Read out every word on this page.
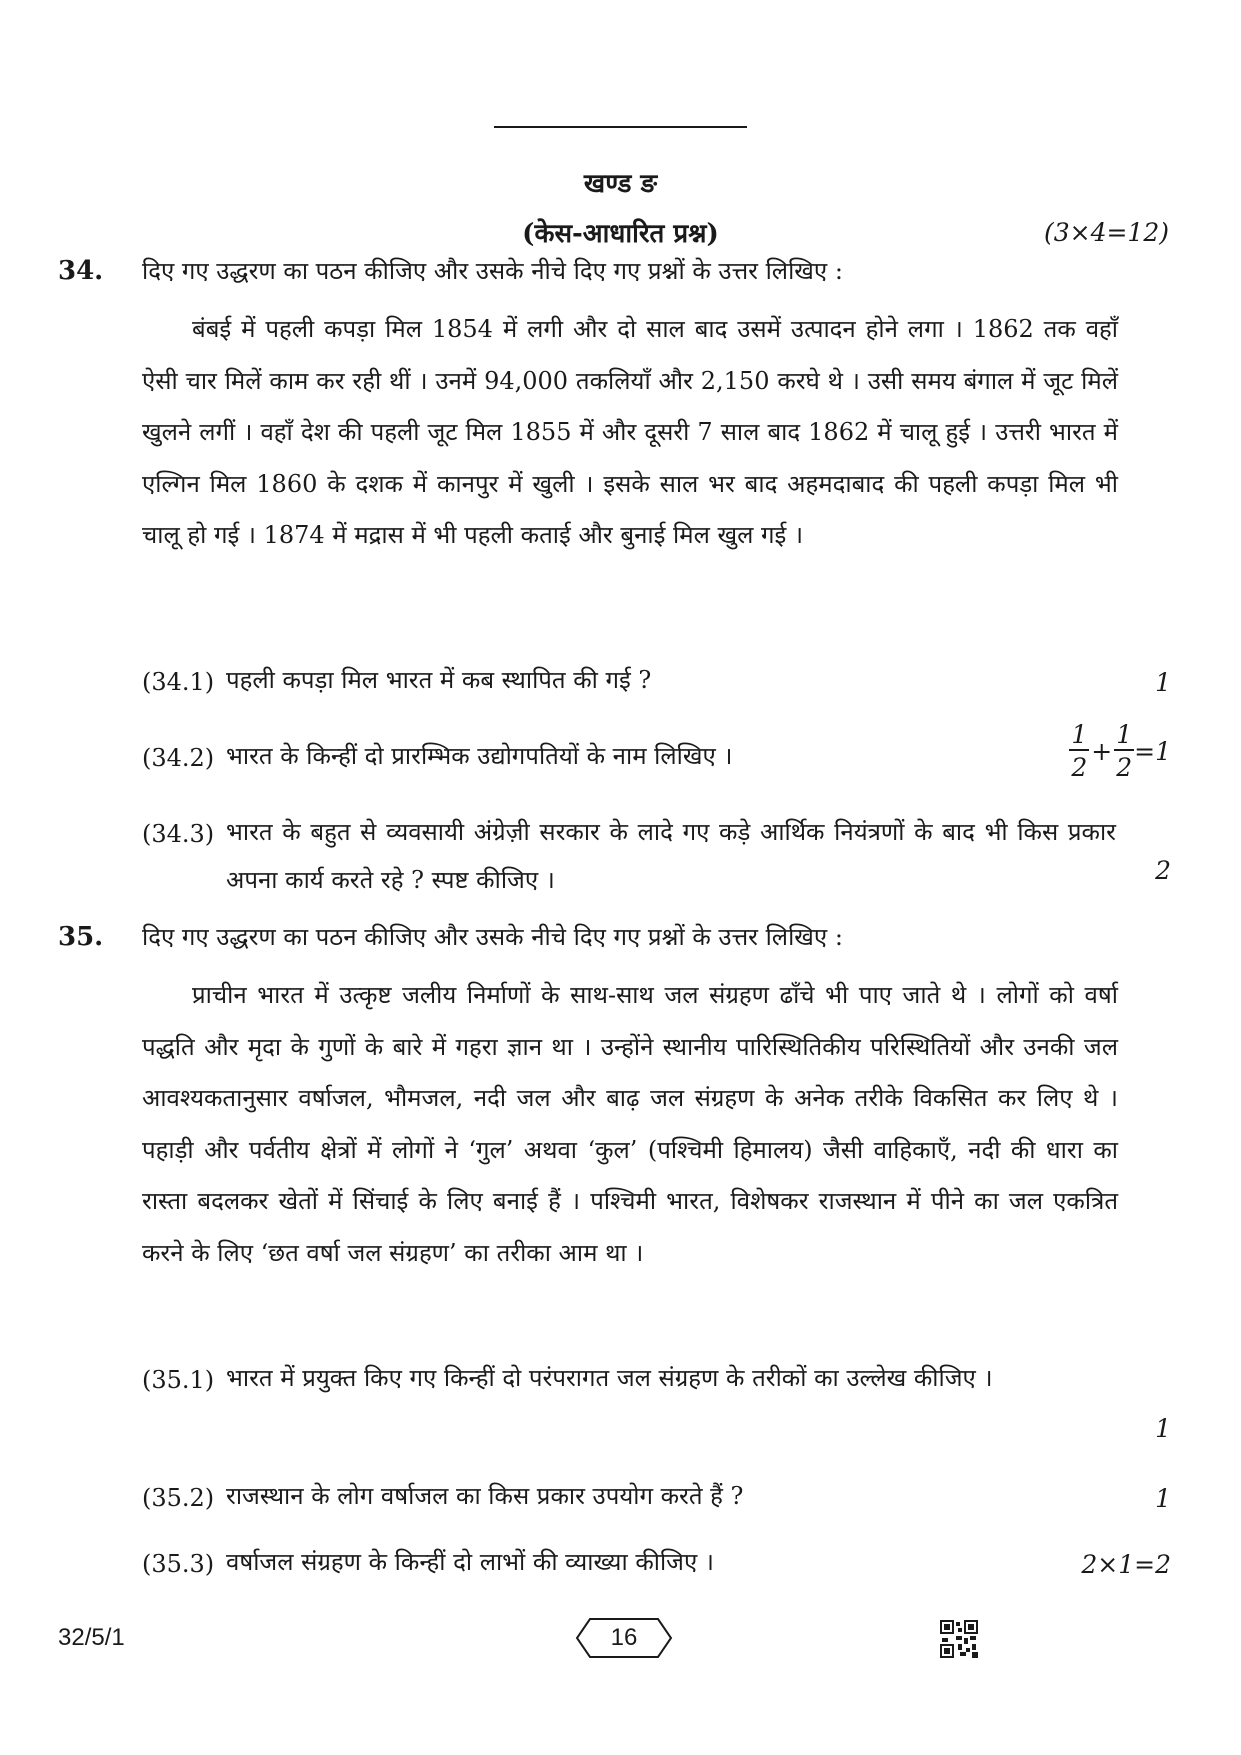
खण्ड ङ
(केस-आधारित प्रश्न)	(3×4=12)
34. दिए गए उद्धरण का पठन कीजिए और उसके नीचे दिए गए प्रश्नों के उत्तर लिखिए :
बंबई में पहली कपड़ा मिल 1854 में लगी और दो साल बाद उसमें उत्पादन होने लगा । 1862 तक वहाँ ऐसी चार मिलें काम कर रही थीं । उनमें 94,000 तकलियाँ और 2,150 करघे थे । उसी समय बंगाल में जूट मिलें खुलने लगीं । वहाँ देश की पहली जूट मिल 1855 में और दूसरी 7 साल बाद 1862 में चालू हुई । उत्तरी भारत में एल्गिन मिल 1860 के दशक में कानपुर में खुली । इसके साल भर बाद अहमदाबाद की पहली कपड़ा मिल भी चालू हो गई । 1874 में मद्रास में भी पहली कताई और बुनाई मिल खुल गई ।
(34.1) पहली कपड़ा मिल भारत में कब स्थापित की गई ?	1
(34.2) भारत के किन्हीं दो प्रारम्भिक उद्योगपतियों के नाम लिखिए ।	$\frac{1}{2} + \frac{1}{2} =1$
(34.3) भारत के बहुत से व्यवसायी अंग्रेज़ी सरकार के लादे गए कड़े आर्थिक नियंत्रणों के बाद भी किस प्रकार अपना कार्य करते रहे ? स्पष्ट कीजिए ।	2
35. दिए गए उद्धरण का पठन कीजिए और उसके नीचे दिए गए प्रश्नों के उत्तर लिखिए :
प्राचीन भारत में उत्कृष्ट जलीय निर्माणों के साथ-साथ जल संग्रहण ढाँचे भी पाए जाते थे । लोगों को वर्षा पद्धति और मृदा के गुणों के बारे में गहरा ज्ञान था । उन्होंने स्थानीय पारिस्थितिकीय परिस्थितियों और उनकी जल आवश्यकतानुसार वर्षाजल, भौमजल, नदी जल और बाढ़ जल संग्रहण के अनेक तरीके विकसित कर लिए थे । पहाड़ी और पर्वतीय क्षेत्रों में लोगों ने ‘गुल’ अथवा ‘कुल’ (पश्चिमी हिमालय) जैसी वाहिकाएँ, नदी की धारा का रास्ता बदलकर खेतों में सिंचाई के लिए बनाई हैं । पश्चिमी भारत, विशेषकर राजस्थान में पीने का जल एकत्रित करने के लिए ‘छत वर्षा जल संग्रहण’ का तरीका आम था ।
(35.1) भारत में प्रयुक्त किए गए किन्हीं दो परंपरागत जल संग्रहण के तरीकों का उल्लेख कीजिए ।
1
(35.2) राजस्थान के लोग वर्षाजल का किस प्रकार उपयोग करते हैं ?	1
(35.3) वर्षाजल संग्रहण के किन्हीं दो लाभों की व्याख्या कीजिए ।	2×1=2
32/5/1	16
